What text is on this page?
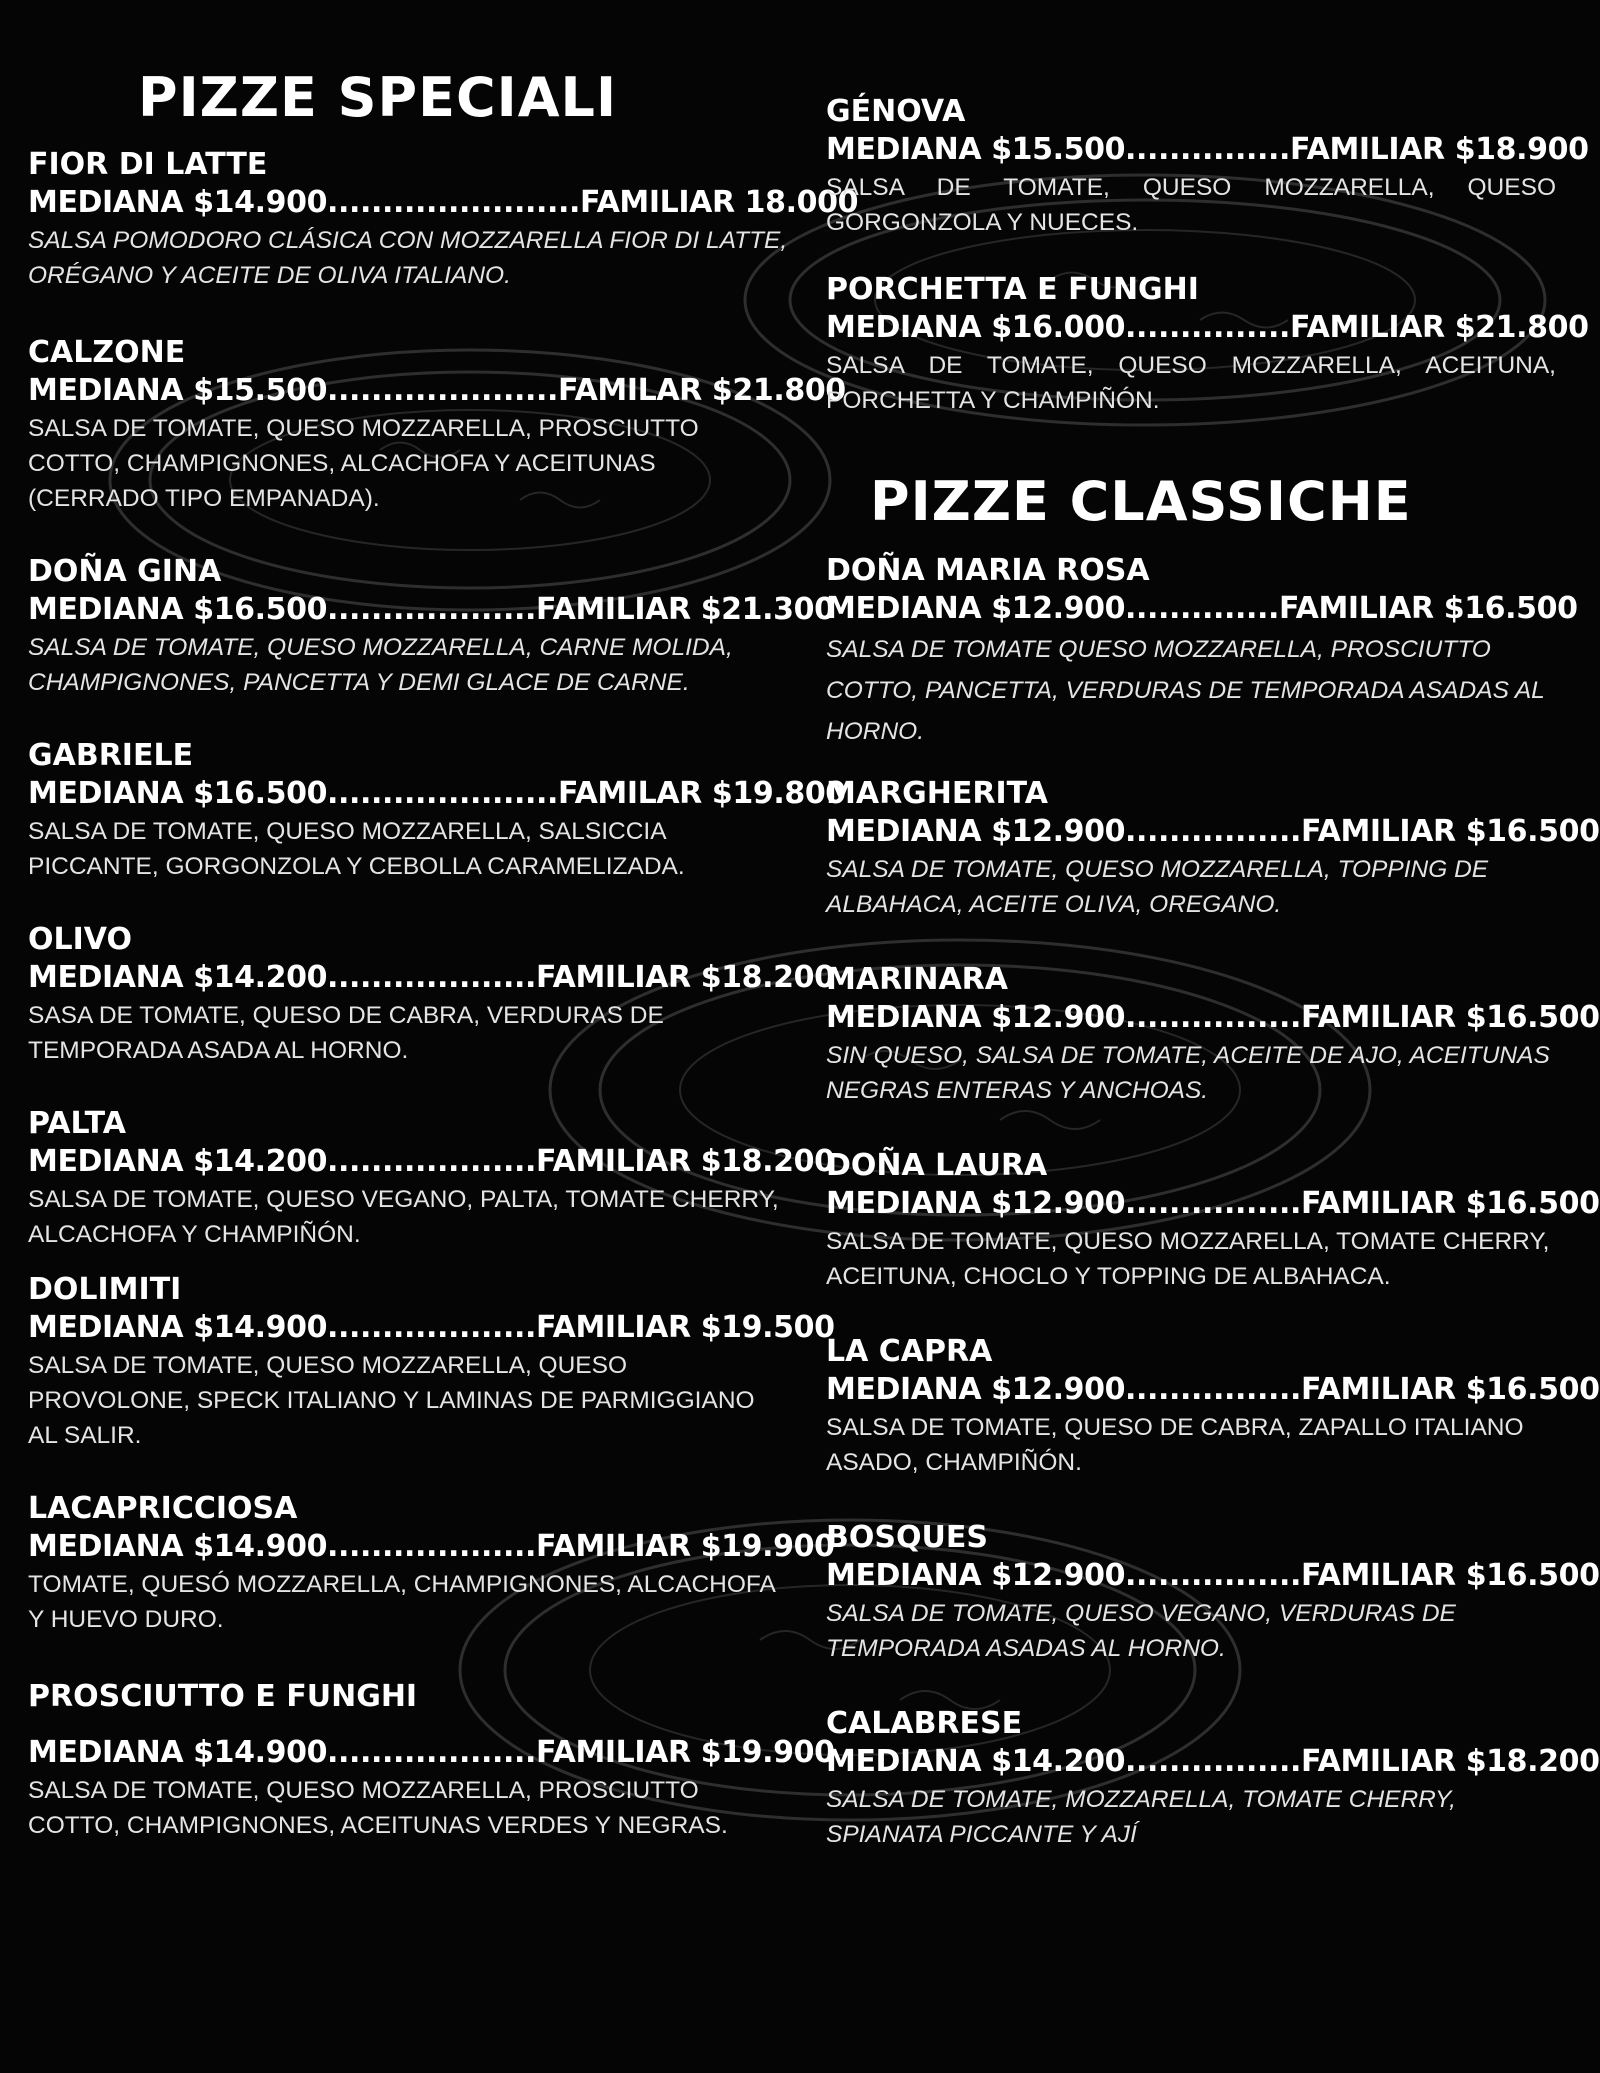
PIZZE SPECIALI
FIOR DI LATTE
MEDIANA $14.900.......................FAMILIAR 18.000

SALSA POMODORO CLÁSICA CON MOZZARELLA FIOR DI LATTE, ORÉGANO Y ACEITE DE OLIVA ITALIANO.

CALZONE
MEDIANA $15.500.....................FAMILAR $21.800

SALSA DE TOMATE, QUESO MOZZARELLA, PROSCIUTTO COTTO, CHAMPIGNONES, ALCACHOFA Y ACEITUNAS (CERRADO TIPO EMPANADA).

DOÑA GINA
MEDIANA $16.500...................FAMILIAR $21.300

SALSA DE TOMATE, QUESO MOZZARELLA, CARNE MOLIDA, CHAMPIGNONES, PANCETTA Y DEMI GLACE DE CARNE.

GABRIELE
MEDIANA $16.500.....................FAMILAR $19.800

SALSA DE TOMATE, QUESO MOZZARELLA, SALSICCIA PICCANTE, GORGONZOLA Y CEBOLLA CARAMELIZADA.

OLIVO
MEDIANA $14.200...................FAMILIAR $18.200

SASA DE TOMATE, QUESO DE CABRA, VERDURAS DE TEMPORADA ASADA AL HORNO.

PALTA
MEDIANA $14.200...................FAMILIAR $18.200

SALSA DE TOMATE, QUESO VEGANO, PALTA, TOMATE CHERRY, ALCACHOFA Y CHAMPIÑÓN.

DOLIMITI
MEDIANA $14.900...................FAMILIAR $19.500

SALSA DE TOMATE, QUESO MOZZARELLA, QUESO PROVOLONE, SPECK ITALIANO Y LAMINAS DE PARMIGGIANO AL SALIR.

LACAPRICCIOSA
MEDIANA $14.900...................FAMILIAR $19.900

TOMATE, QUESÓ MOZZARELLA, CHAMPIGNONES, ALCACHOFA Y HUEVO DURO.

PROSCIUTTO E FUNGHI
MEDIANA $14.900...................FAMILIAR $19.900

SALSA DE TOMATE, QUESO MOZZARELLA, PROSCIUTTO COTTO, CHAMPIGNONES, ACEITUNAS VERDES Y NEGRAS.

GÉNOVA
MEDIANA $15.500...............FAMILIAR $18.900

SALSA DE TOMATE, QUESO MOZZARELLA, QUESO GORGONZOLA Y NUECES.

PORCHETTA E FUNGHI
MEDIANA $16.000...............FAMILIAR $21.800

SALSA DE TOMATE, QUESO MOZZARELLA, ACEITUNA, PORCHETTA Y CHAMPIÑÓN.

PIZZE CLASSICHE
DOÑA MARIA ROSA
MEDIANA $12.900..............FAMILIAR $16.500

SALSA DE TOMATE QUESO MOZZARELLA, PROSCIUTTO COTTO, PANCETTA, VERDURAS DE TEMPORADA ASADAS AL HORNO.

MARGHERITA
MEDIANA $12.900................FAMILIAR $16.500

SALSA DE TOMATE, QUESO MOZZARELLA, TOPPING DE ALBAHACA, ACEITE OLIVA, OREGANO.

MARINARA
MEDIANA $12.900................FAMILIAR $16.500

SIN QUESO, SALSA DE TOMATE, ACEITE DE AJO, ACEITUNAS NEGRAS ENTERAS Y ANCHOAS.

DOÑA LAURA
MEDIANA $12.900................FAMILIAR $16.500

SALSA DE TOMATE, QUESO MOZZARELLA, TOMATE CHERRY, ACEITUNA, CHOCLO Y TOPPING DE ALBAHACA.

LA CAPRA
MEDIANA $12.900................FAMILIAR $16.500

SALSA DE TOMATE, QUESO DE CABRA, ZAPALLO ITALIANO ASADO, CHAMPIÑÓN.

BOSQUES
MEDIANA $12.900................FAMILIAR $16.500

SALSA DE TOMATE, QUESO VEGANO, VERDURAS DE TEMPORADA ASADAS AL HORNO.

CALABRESE
MEDIANA $14.200................FAMILIAR $18.200

SALSA DE TOMATE, MOZZARELLA, TOMATE CHERRY, SPIANATA PICCANTE Y AJÍ
